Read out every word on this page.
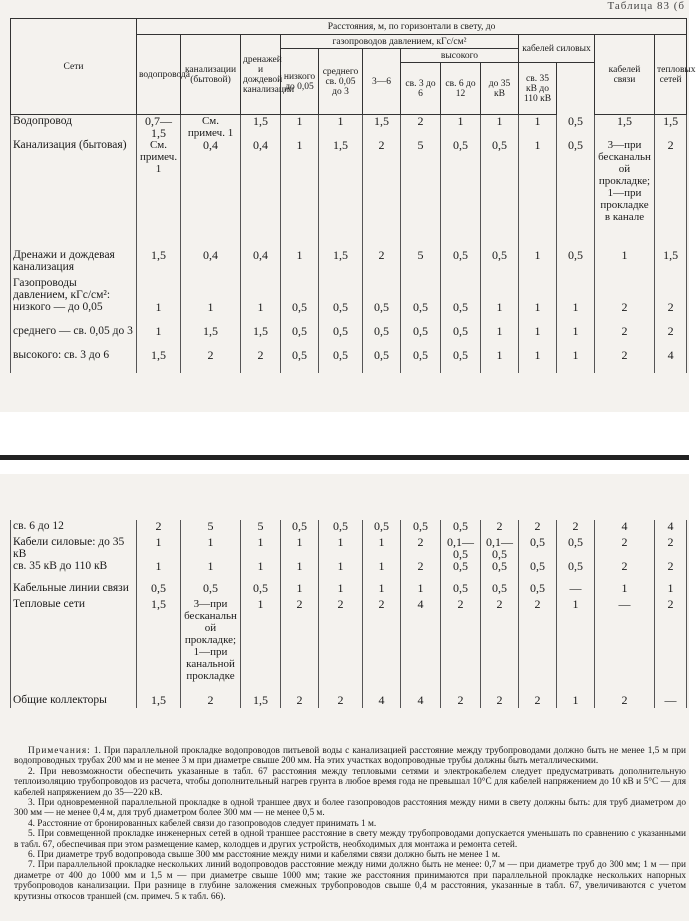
Таблица 83 (б
Сети	Расстояния, м, по горизонтали в свету, до													
	водопровода	канализации (бытовой)	дренажей и дождевой канализации	газопроводов давлением, кГс/см²						кабелей силовых		кабелей связи	тепловых сетей	
				низкого до 0,05	среднего св. 0,05 до 3	3—6	высокого							
							св. 3 до 6	св. 6 до 12	до 35 кВ	св. 35 кВ до 110 кВ			
Водопровод	0,7—1,5	См. примеч. 1	1,5	1	1	1,5	2	1	1	1	0,5	1,5	1,5	
Канализация (бытовая)	См. примеч. 1	0,4	0,4	1	1,5	2	5	0,5	0,5	1	0,5	3—при бесканальной прокладке; 1—при прокладке в канале	2	
Дренажи и дождевая канализация	1,5	0,4	0,4	1	1,5	2	5	0,5	0,5	1	0,5	1	1,5	
Газопроводы давлением, кГс/см²:														
низкого — до 0,05	1	1	1	0,5	0,5	0,5	0,5	0,5	1	1	1	2	2	
среднего — св. 0,05 до 3	1	1,5	1,5	0,5	0,5	0,5	0,5	0,5	1	1	1	2	2	
высокого: св. 3 до 6	1,5	2	2	0,5	0,5	0,5	0,5	0,5	1	1	1	2	4	
св. 6 до 12	2	5	5	0,5	0,5	0,5	0,5	0,5	2	2	2	4	4
Кабели силовые: до 35 кВ	1	1	1	1	1	1	2	0,1—0,5	0,1—0,5	0,5	0,5	2	2
св. 35 кВ до 110 кВ	1	1	1	1	1	1	2	0,5	0,5	0,5	0,5	2	2
Кабельные линии связи	0,5	0,5	0,5	1	1	1	1	0,5	0,5	0,5	—	1	1
Тепловые сети	1,5	3—при бесканальной прокладке; 1—при канальной прокладке	1	2	2	2	4	2	2	2	1	—	2
Общие коллекторы	1,5	2	1,5	2	2	4	4	2	2	2	1	2	—

Примечания: 1. При параллельной прокладке водопроводов питьевой воды с канализацией расстояние между трубопроводами должно быть не менее 1,5 м при водопроводных трубах 200 мм и не менее 3 м при диаметре свыше 200 мм. На этих участках водопроводные трубы должны быть металлическими.

2. При невозможности обеспечить указанные в табл. 67 расстояния между тепловыми сетями и электрокабелем следует предусматривать дополнительную теплоизоляцию трубопроводов из расчета, чтобы дополнительный нагрев грунта в любое время года не превышал 10°С для кабелей напряжением до 10 кВ и 5°С — для кабелей напряжением до 35—220 кВ.

3. При одновременной параллельной прокладке в одной траншее двух и более газопроводов расстояния между ними в свету должны быть: для труб диаметром до 300 мм — не менее 0,4 м, для труб диаметром более 300 мм — не менее 0,5 м.

4. Расстояние от бронированных кабелей связи до газопроводов следует принимать 1 м.

5. При совмещенной прокладке инженерных сетей в одной траншее расстояние в свету между трубопроводами допускается уменьшать по сравнению с указанными в табл. 67, обеспечивая при этом размещение камер, колодцев и других устройств, необходимых для монтажа и ремонта сетей.

6. При диаметре труб водопровода свыше 300 мм расстояние между ними и кабелями связи должно быть не менее 1 м.

7. При параллельной прокладке нескольких линий водопроводов расстояние между ними должно быть не менее: 0,7 м — при диаметре труб до 300 мм; 1 м — при диаметре от 400 до 1000 мм и 1,5 м — при диаметре свыше 1000 мм; такие же расстояния принимаются при параллельной прокладке нескольких напорных трубопроводов канализации. При разнице в глубине заложения смежных трубопроводов свыше 0,4 м расстояния, указанные в табл. 67, увеличиваются с учетом крутизны откосов траншей (см. примеч. 5 к табл. 66).
